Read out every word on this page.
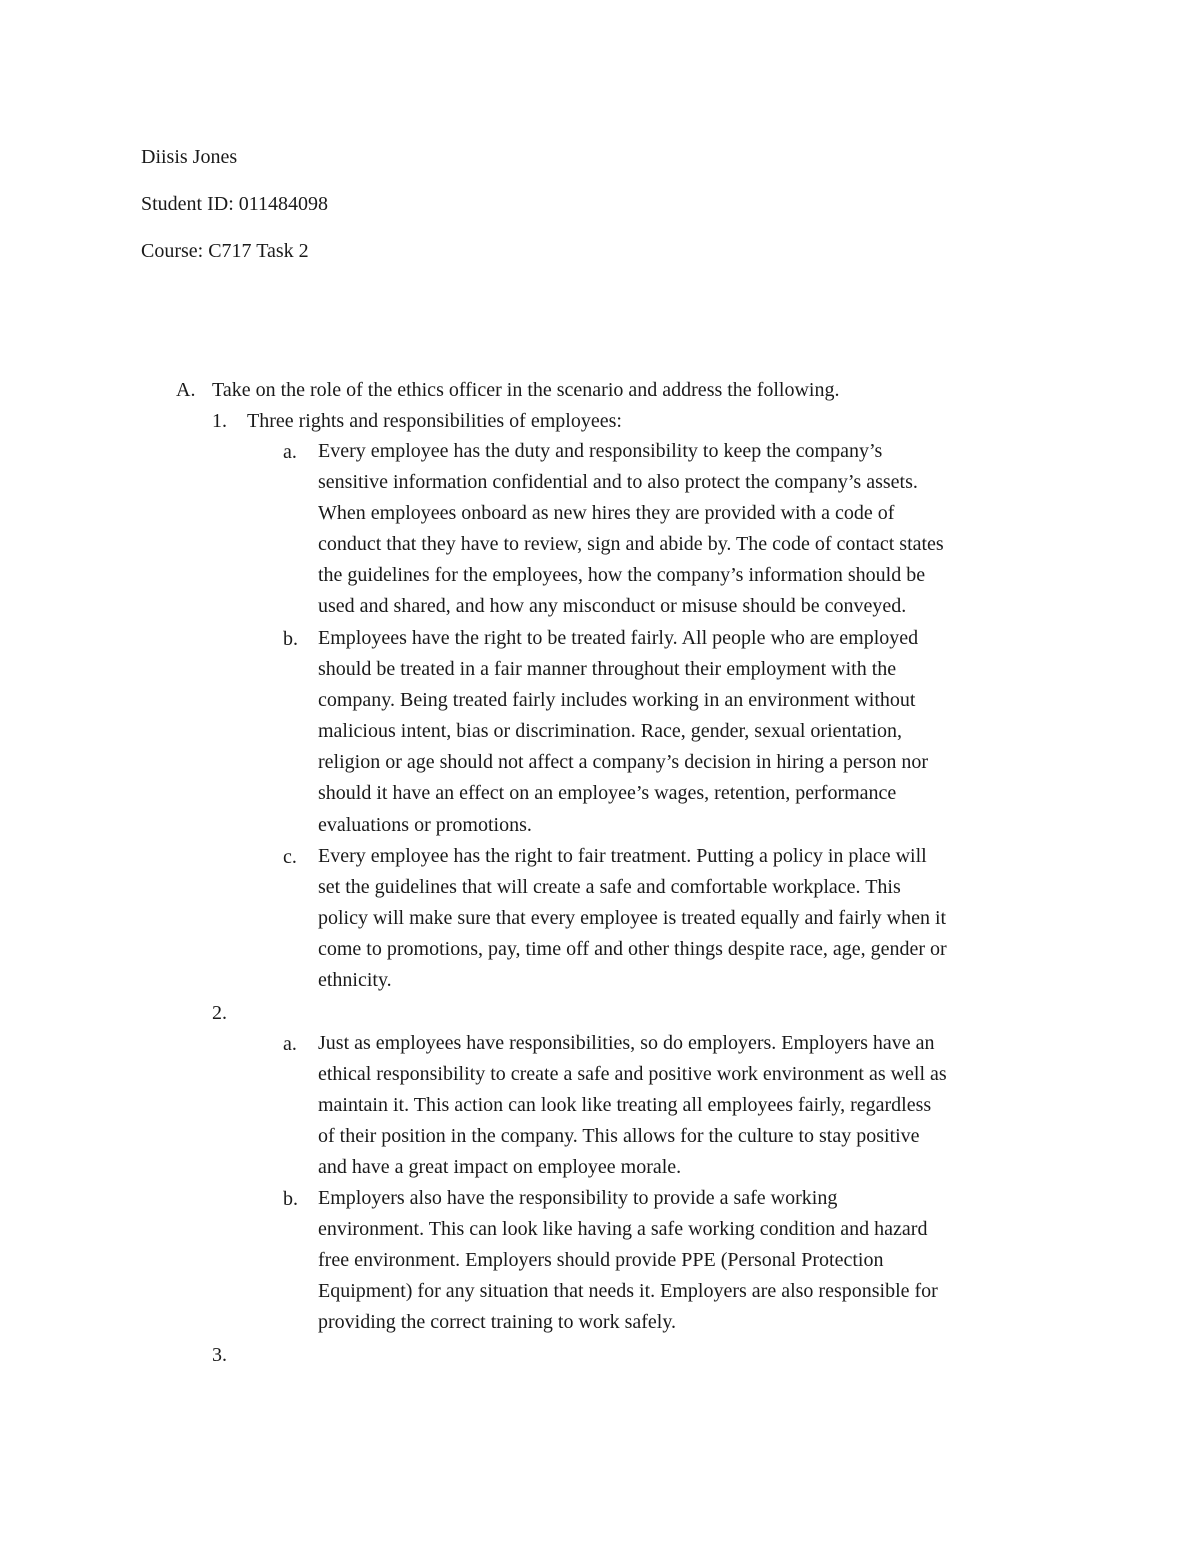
Diisis Jones

Student ID: 011484098

Course: C717 Task 2

A. Take on the role of the ethics officer in the scenario and address the following.

1. Three rights and responsibilities of employees:

a. Every employee has the duty and responsibility to keep the company’s
sensitive information confidential and to also protect the company’s assets.
When employees onboard as new hires they are provided with a code of
conduct that they have to review, sign and abide by. The code of contact states
the guidelines for the employees, how the company’s information should be
used and shared, and how any misconduct or misuse should be conveyed.

b. Employees have the right to be treated fairly. All people who are employed
should be treated in a fair manner throughout their employment with the
company. Being treated fairly includes working in an environment without
malicious intent, bias or discrimination. Race, gender, sexual orientation,
religion or age should not affect a company’s decision in hiring a person nor
should it have an effect on an employee’s wages, retention, performance
evaluations or promotions.

c. Every employee has the right to fair treatment. Putting a policy in place will
set the guidelines that will create a safe and comfortable workplace. This
policy will make sure that every employee is treated equally and fairly when it
come to promotions, pay, time off and other things despite race, age, gender or
ethnicity.

2.

a. Just as employees have responsibilities, so do employers. Employers have an
ethical responsibility to create a safe and positive work environment as well as
maintain it. This action can look like treating all employees fairly, regardless
of their position in the company. This allows for the culture to stay positive
and have a great impact on employee morale.

b. Employers also have the responsibility to provide a safe working
environment. This can look like having a safe working condition and hazard
free environment. Employers should provide PPE (Personal Protection
Equipment) for any situation that needs it. Employers are also responsible for
providing the correct training to work safely.

3.
